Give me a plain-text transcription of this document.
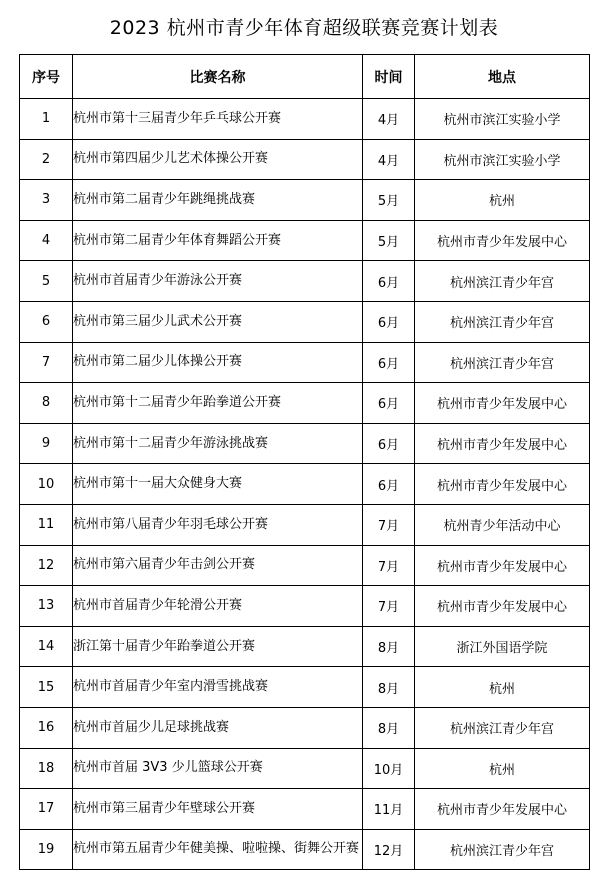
2023 杭州市青少年体育超级联赛竞赛计划表
序号	比赛名称	时间	地点
1	杭州市第十三届青少年乒乓球公开赛	4月	杭州市滨江实验小学
2	杭州市第四届少儿艺术体操公开赛	4月	杭州市滨江实验小学
3	杭州市第二届青少年跳绳挑战赛	5月	杭州
4	杭州市第二届青少年体育舞蹈公开赛	5月	杭州市青少年发展中心
5	杭州市首届青少年游泳公开赛	6月	杭州滨江青少年宫
6	杭州市第三届少儿武术公开赛	6月	杭州滨江青少年宫
7	杭州市第二届少儿体操公开赛	6月	杭州滨江青少年宫
8	杭州市第十二届青少年跆拳道公开赛	6月	杭州市青少年发展中心
9	杭州市第十二届青少年游泳挑战赛	6月	杭州市青少年发展中心
10	杭州市第十一届大众健身大赛	6月	杭州市青少年发展中心
11	杭州市第八届青少年羽毛球公开赛	7月	杭州青少年活动中心
12	杭州市第六届青少年击剑公开赛	7月	杭州市青少年发展中心
13	杭州市首届青少年轮滑公开赛	7月	杭州市青少年发展中心
14	浙江第十届青少年跆拳道公开赛	8月	浙江外国语学院
15	杭州市首届青少年室内滑雪挑战赛	8月	杭州
16	杭州市首届少儿足球挑战赛	8月	杭州滨江青少年宫
18	杭州市首届 3V3 少儿篮球公开赛	10月	杭州
17	杭州市第三届青少年壁球公开赛	11月	杭州市青少年发展中心
19	杭州市第五届青少年健美操、啦啦操、街舞公开赛	12月	杭州滨江青少年宫
